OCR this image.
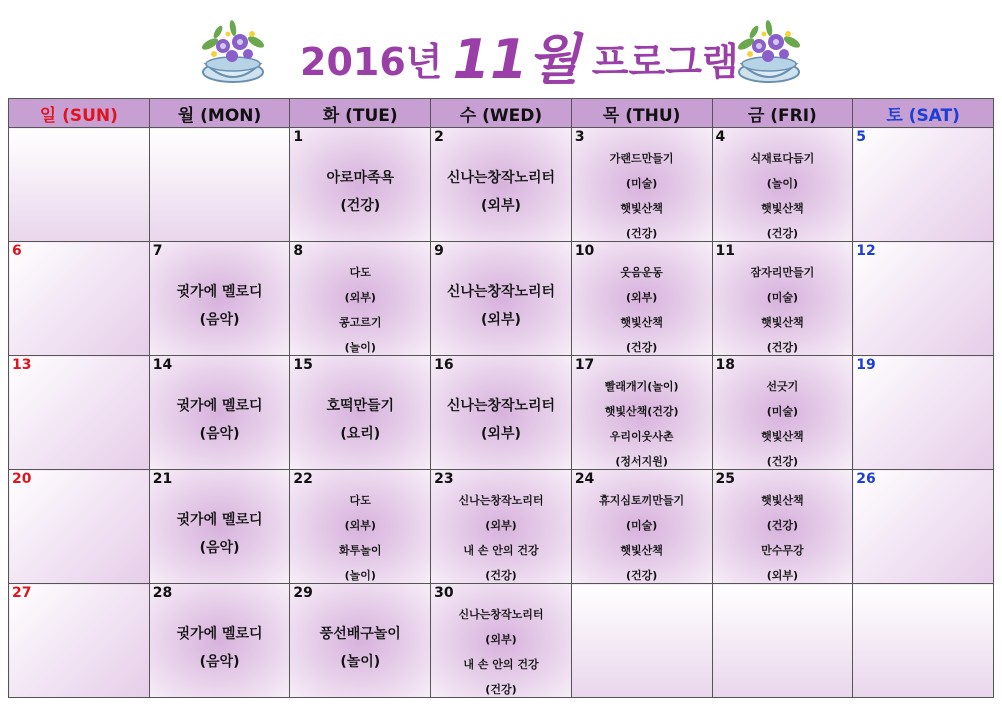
2016년 11월 프로그램
일 (SUN)	월 (MON)	화 (TUE)	수 (WED)	목 (THU)	금 (FRI)	토 (SAT)

		1
아로마족욕
(건강)	2
신나는창작노리터
(외부)	3
가랜드만들기
(미술)
햇빛산책
(건강)	4
식재료다듬기
(놀이)
햇빛산책
(건강)	5

6	7
귓가에 멜로디
(음악)	8
다도
(외부)
콩고르기
(놀이)	9
신나는창작노리터
(외부)	10
웃음운동
(외부)
햇빛산책
(건강)	11
잠자리만들기
(미술)
햇빛산책
(건강)	12

13	14
귓가에 멜로디
(음악)	15
호떡만들기
(요리)	16
신나는창작노리터
(외부)	17
빨래개기(놀이)
햇빛산책(건강)
우리이웃사촌
(정서지원)	18
선긋기
(미술)
햇빛산책
(건강)	19

20	21
귓가에 멜로디
(음악)	22
다도
(외부)
화투놀이
(놀이)	23
신나는창작노리터
(외부)
내 손 안의 건강
(건강)	24
휴지심토끼만들기
(미술)
햇빛산책
(건강)	25
햇빛산책
(건강)
만수무강
(외부)	26

27	28
귓가에 멜로디
(음악)	29
풍선배구놀이
(놀이)	30
신나는창작노리터
(외부)
내 손 안의 건강
(건강)			
